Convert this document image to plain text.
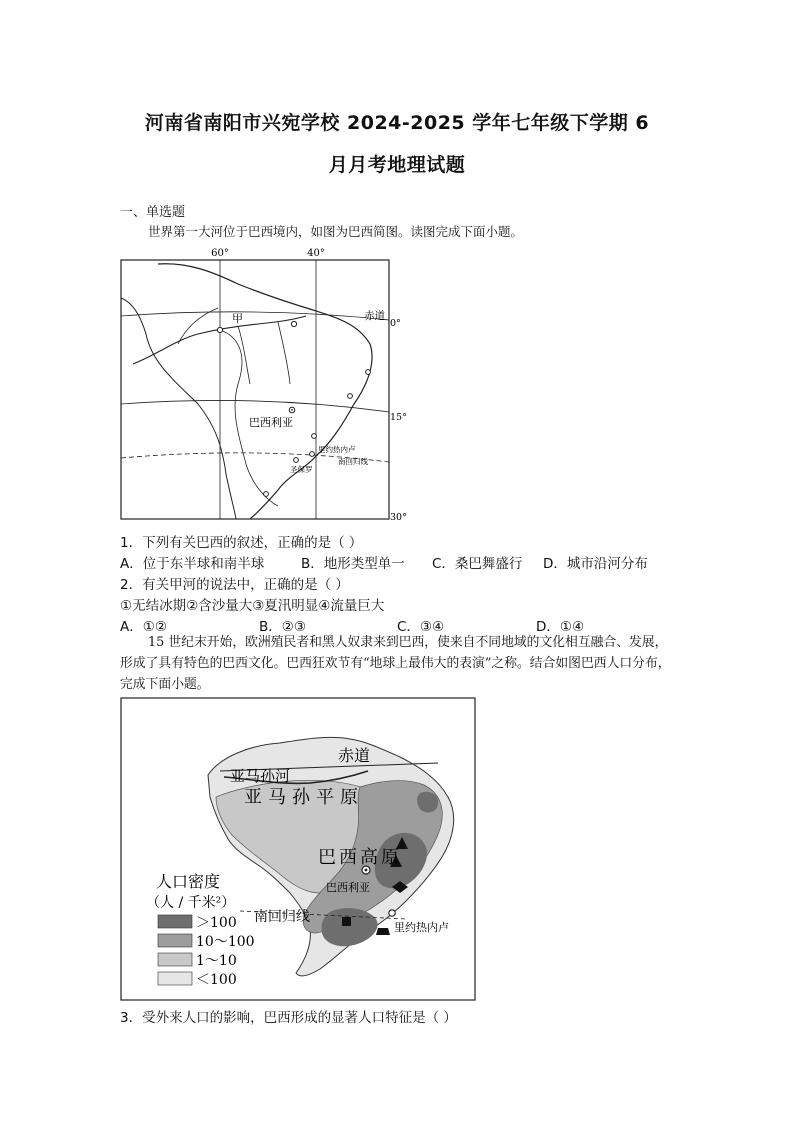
河南省南阳市兴宛学校 2024-2025 学年七年级下学期 6
月月考地理试题
一、单选题
世界第一大河位于巴西境内，如图为巴西简图。读图完成下面小题。
60°	40°
0°
15°
30°
赤道
甲
巴西利亚
里约热内卢
南回归线
圣保罗
1．下列有关巴西的叙述，正确的是（ ）
A．位于东半球和南半球	B．地形类型单一 C．桑巴舞盛行 D．城市沿河分布
2．有关甲河的说法中，正确的是（ ）
①无结冰期②含沙量大③夏汛明显④流量巨大
A．①②	B．②③	C．③④	D．①④
15 世纪末开始，欧洲殖民者和黑人奴隶来到巴西，使来自不同地域的文化相互融合、发展，形成了具有特色的巴西文化。巴西狂欢节有“地球上最伟大的表演”之称。结合如图巴西人口分布，完成下面小题。
赤道
亚马孙河
亚马孙平原
巴西高原
巴西利亚
里约热内卢
南回归线
人口密度
（人 / 千米²）
＞100
10～100
1～10
＜100
3．受外来人口的影响，巴西形成的显著人口特征是（ ）
